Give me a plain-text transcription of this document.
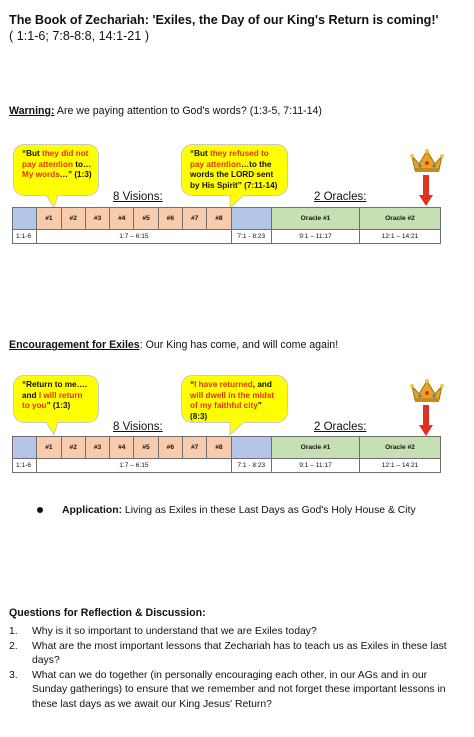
The Book of Zechariah: 'Exiles, the Day of our King's Return is coming!'
( 1:1-6; 7:8-8:8, 14:1-21 )
Warning: Are we paying attention to God's words? (1:3-5, 7:11-14)
“But they did not pay attention to…My words…” (1:3)
“But they refused to pay attention…to the words the LORD sent by His Spirit” (7:11-14)
8 Visions:	2 Oracles:
	#1	#2	#3	#4	#5	#6	#7	#8		Oracle #1	Oracle #2
1:1-6	1:7 – 6:15								7:1 - 8:23	9:1 – 11:17	12:1 – 14:21
Encouragement for Exiles: Our King has come, and will come again!
“Return to me…. and I will return to you” (1:3)
“I have returned, and will dwell in the midst of my faithful city” (8:3)
8 Visions:	2 Oracles:
	#1	#2	#3	#4	#5	#6	#7	#8		Oracle #1	Oracle #2
1:1-6	1:7 – 6:15								7:1 - 8:23	9:1 – 11:17	12:1 – 14:21
Application: Living as Exiles in these Last Days as God's Holy House & City
Questions for Reflection & Discussion:
1. Why is it so important to understand that we are Exiles today?
2. What are the most important lessons that Zechariah has to teach us as Exiles in these last days?
3. What can we do together (in personally encouraging each other, in our AGs and in our Sunday gatherings) to ensure that we remember and not forget these important lessons in these last days as we await our King Jesus' Return?
